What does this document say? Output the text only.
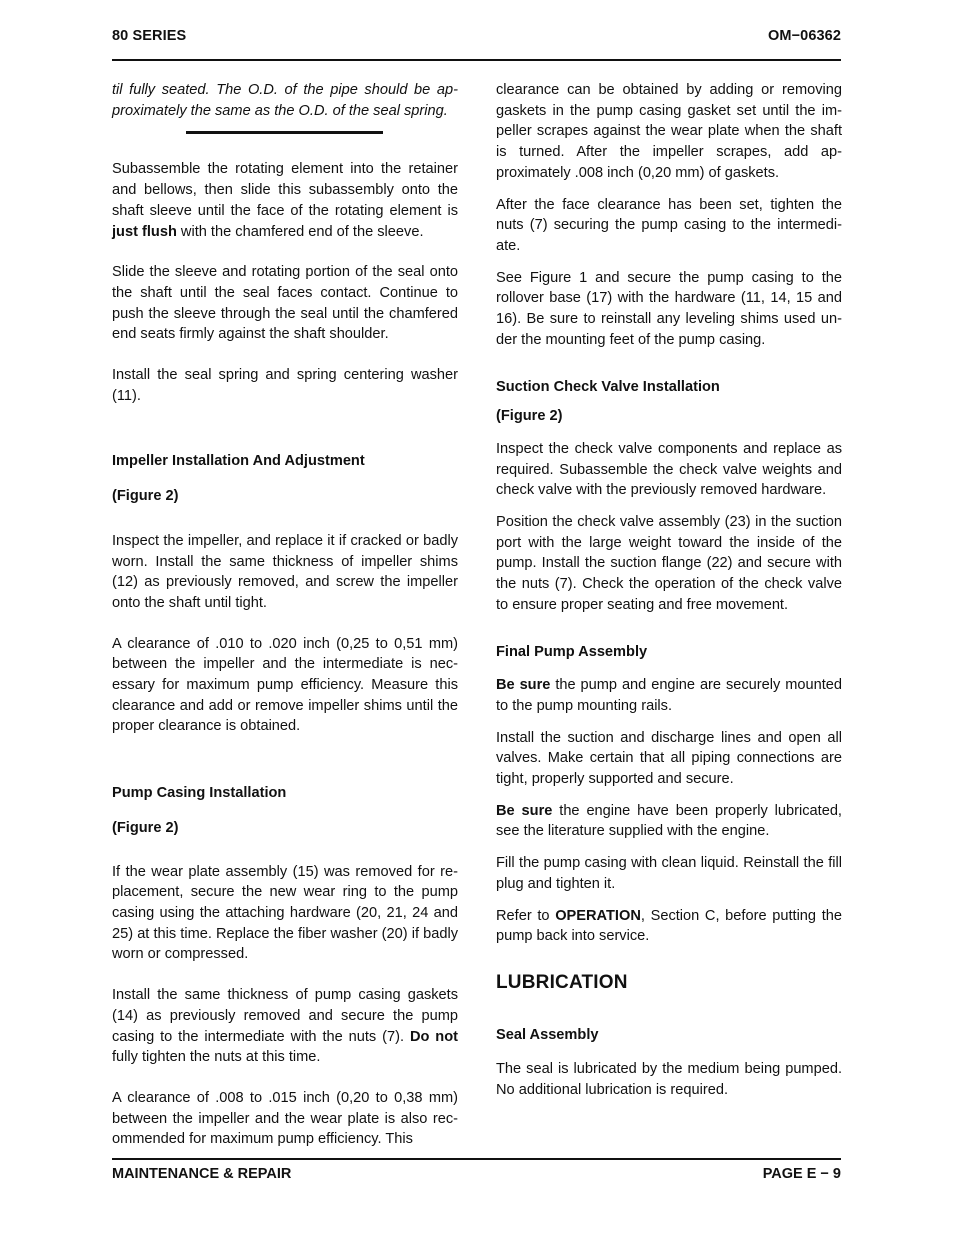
80 SERIES	OM−06362

til fully seated. The O.D. of the pipe should be approximately the same as the O.D. of the seal spring.

Subassemble the rotating element into the retainer and bellows, then slide this subassembly onto the shaft sleeve until the face of the rotating element is just flush with the chamfered end of the sleeve.

Slide the sleeve and rotating portion of the seal onto the shaft until the seal faces contact. Continue to push the sleeve through the seal until the chamfered end seats firmly against the shaft shoulder.

Install the seal spring and spring centering washer (11).

Impeller Installation And Adjustment

(Figure 2)

Inspect the impeller, and replace it if cracked or badly worn. Install the same thickness of impeller shims (12) as previously removed, and screw the impeller onto the shaft until tight.

A clearance of .010 to .020 inch (0,25 to 0,51 mm) between the impeller and the intermediate is necessary for maximum pump efficiency. Measure this clearance and add or remove impeller shims until the proper clearance is obtained.

Pump Casing Installation

(Figure 2)

If the wear plate assembly (15) was removed for replacement, secure the new wear ring to the pump casing using the attaching hardware (20, 21, 24 and 25) at this time. Replace the fiber washer (20) if badly worn or compressed.

Install the same thickness of pump casing gaskets (14) as previously removed and secure the pump casing to the intermediate with the nuts (7). Do not fully tighten the nuts at this time.

A clearance of .008 to .015 inch (0,20 to 0,38 mm) between the impeller and the wear plate is also recommended for maximum pump efficiency. This

clearance can be obtained by adding or removing gaskets in the pump casing gasket set until the impeller scrapes against the wear plate when the shaft is turned. After the impeller scrapes, add approximately .008 inch (0,20 mm) of gaskets.

After the face clearance has been set, tighten the nuts (7) securing the pump casing to the intermediate.

See Figure 1 and secure the pump casing to the rollover base (17) with the hardware (11, 14, 15 and 16). Be sure to reinstall any leveling shims used under the mounting feet of the pump casing.

Suction Check Valve Installation

(Figure 2)

Inspect the check valve components and replace as required. Subassemble the check valve weights and check valve with the previously removed hardware.

Position the check valve assembly (23) in the suction port with the large weight toward the inside of the pump. Install the suction flange (22) and secure with the nuts (7). Check the operation of the check valve to ensure proper seating and free movement.

Final Pump Assembly

Be sure the pump and engine are securely mounted to the pump mounting rails.

Install the suction and discharge lines and open all valves. Make certain that all piping connections are tight, properly supported and secure.

Be sure the engine have been properly lubricated, see the literature supplied with the engine.

Fill the pump casing with clean liquid. Reinstall the fill plug and tighten it.

Refer to OPERATION, Section C, before putting the pump back into service.

LUBRICATION

Seal Assembly

The seal is lubricated by the medium being pumped. No additional lubrication is required.

MAINTENANCE & REPAIR	PAGE E − 9
